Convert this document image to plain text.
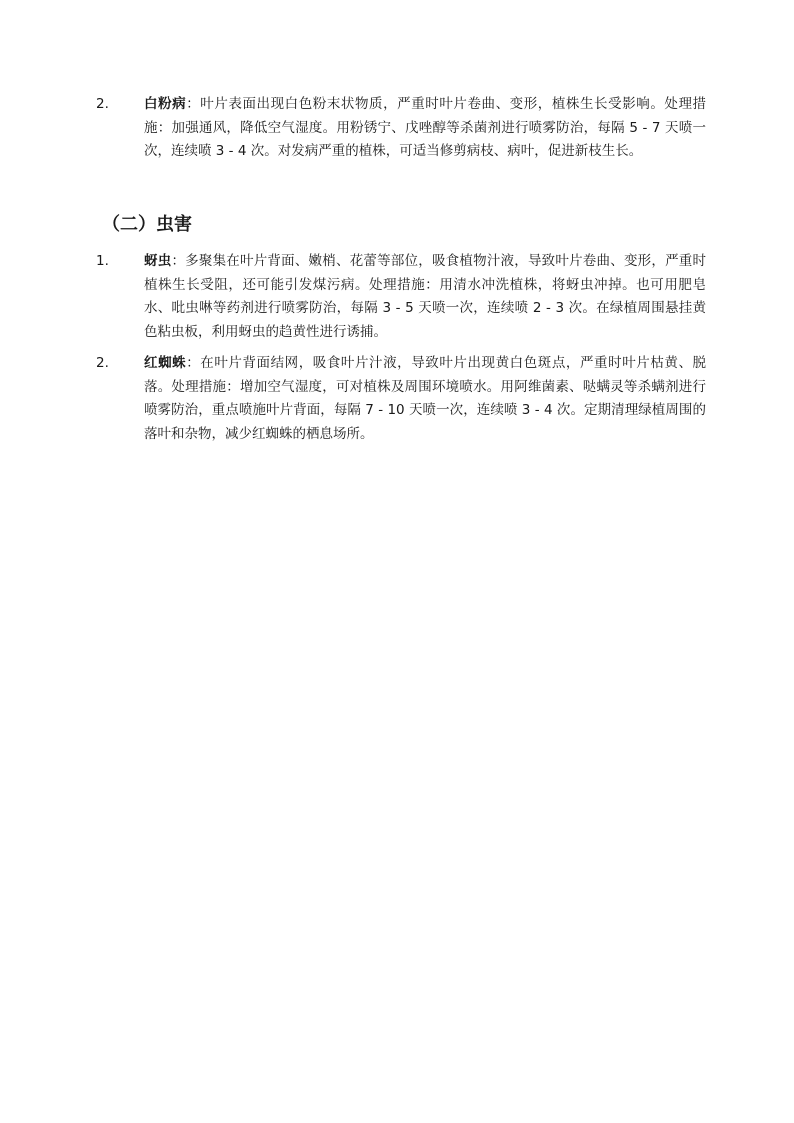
2.	白粉病：叶片表面出现白色粉末状物质，严重时叶片卷曲、变形，植株生长受影响。处理措施：加强通风，降低空气湿度。用粉锈宁、戊唑醇等杀菌剂进行喷雾防治，每隔 5 - 7 天喷一次，连续喷 3 - 4 次。对发病严重的植株，可适当修剪病枝、病叶，促进新枝生长。
（二）虫害
1.	蚜虫：多聚集在叶片背面、嫩梢、花蕾等部位，吸食植物汁液，导致叶片卷曲、变形，严重时植株生长受阻，还可能引发煤污病。处理措施：用清水冲洗植株，将蚜虫冲掉。也可用肥皂水、吡虫啉等药剂进行喷雾防治，每隔 3 - 5 天喷一次，连续喷 2 - 3 次。在绿植周围悬挂黄色粘虫板，利用蚜虫的趋黄性进行诱捕。
2.	红蜘蛛：在叶片背面结网，吸食叶片汁液，导致叶片出现黄白色斑点，严重时叶片枯黄、脱落。处理措施：增加空气湿度，可对植株及周围环境喷水。用阿维菌素、哒螨灵等杀螨剂进行喷雾防治，重点喷施叶片背面，每隔 7 - 10 天喷一次，连续喷 3 - 4 次。定期清理绿植周围的落叶和杂物，减少红蜘蛛的栖息场所。
